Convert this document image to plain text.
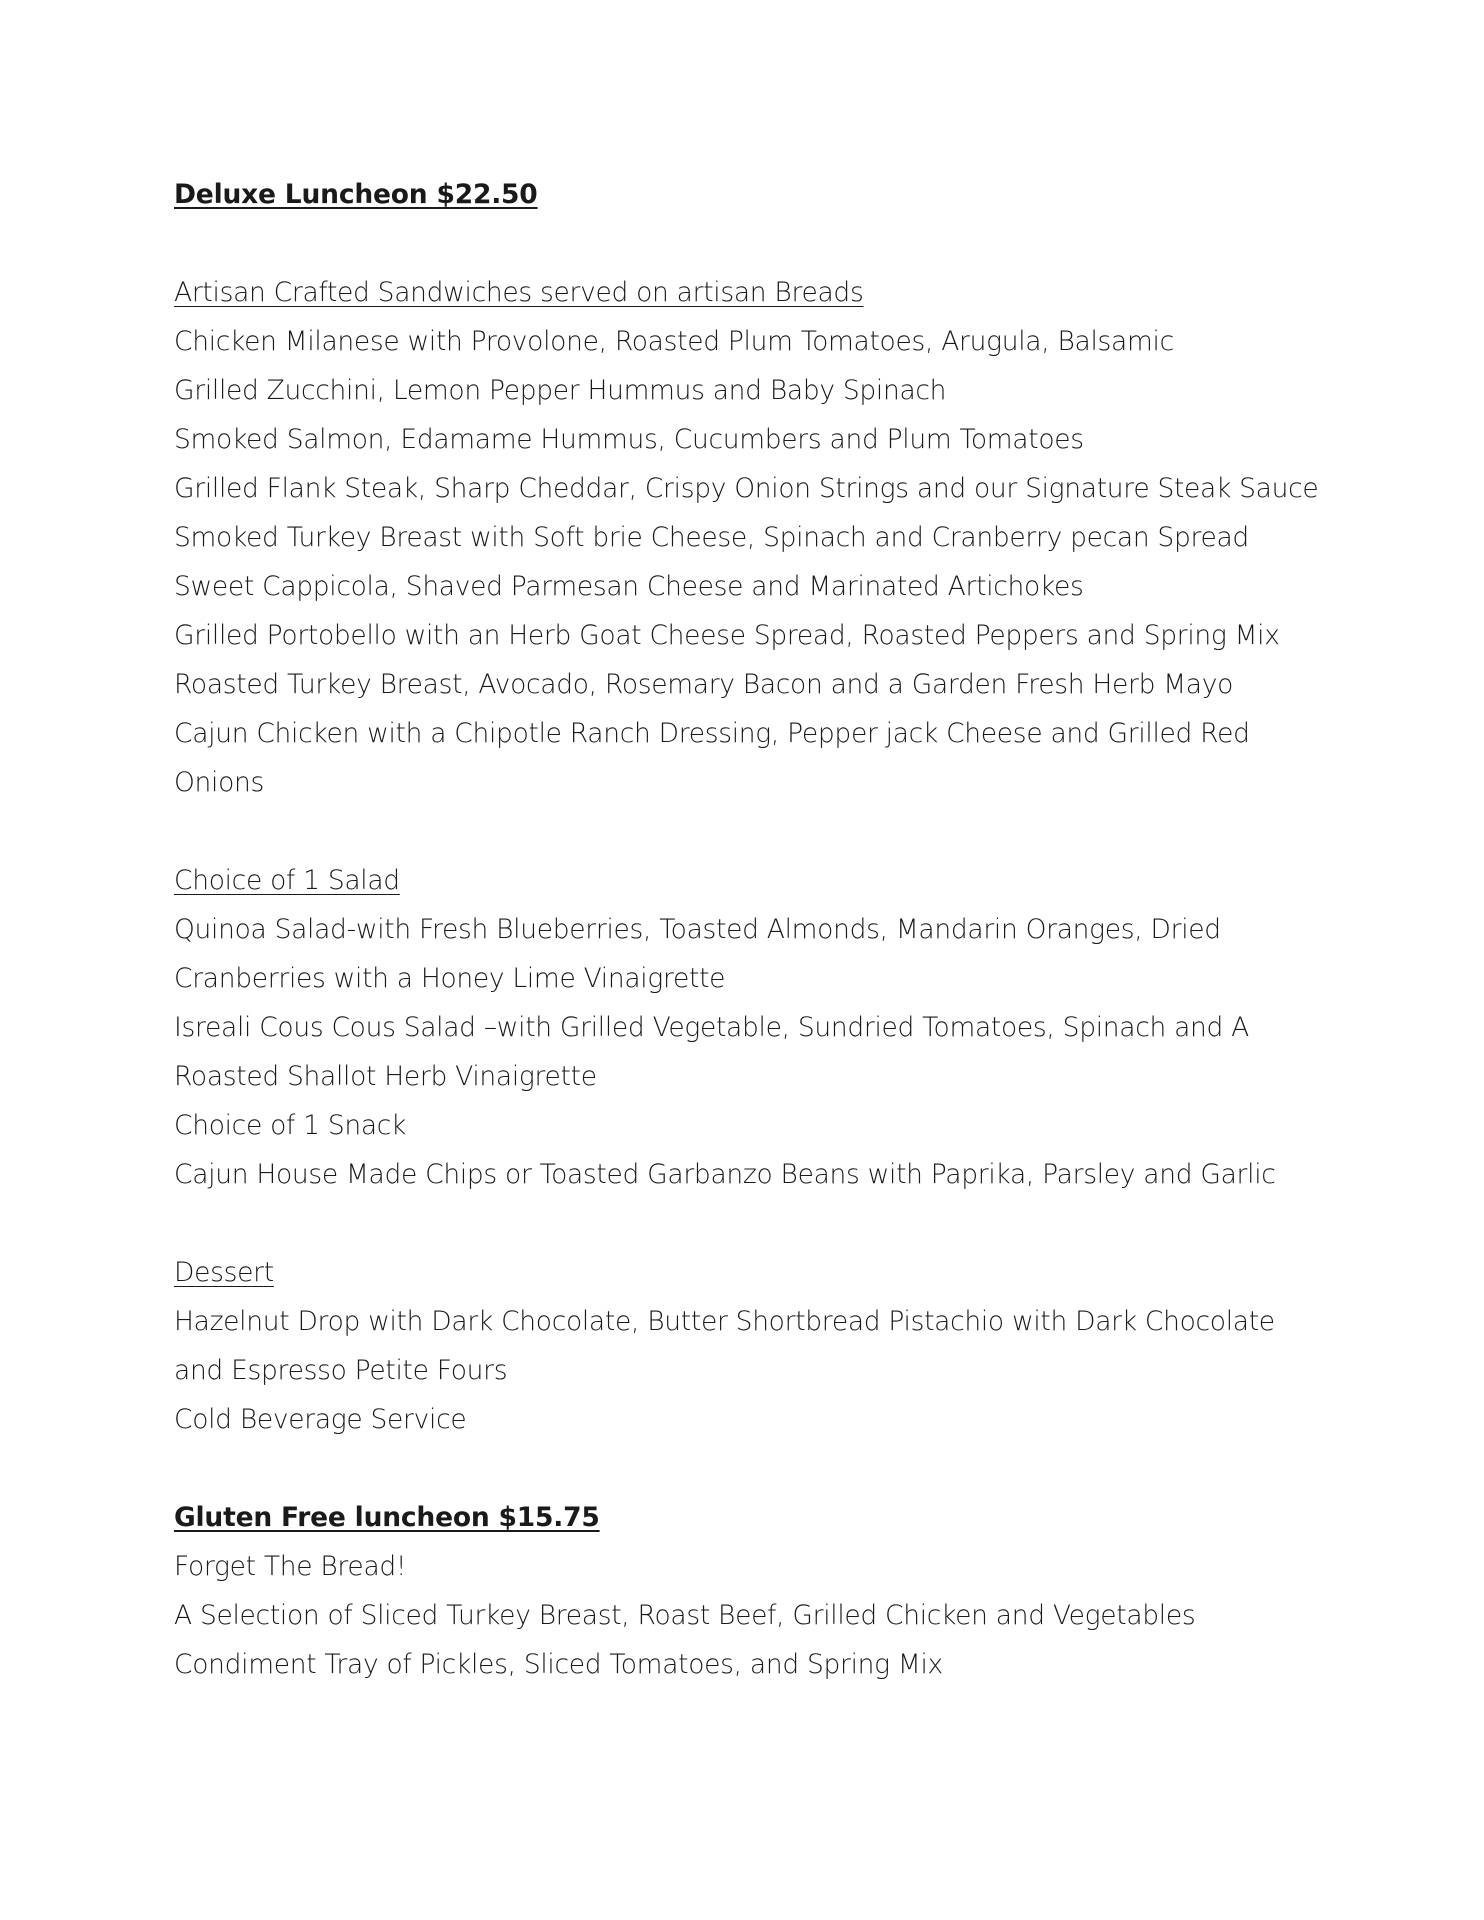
Deluxe Luncheon $22.50
Artisan Crafted Sandwiches served on artisan Breads
Chicken Milanese with Provolone, Roasted Plum Tomatoes, Arugula, Balsamic
Grilled Zucchini, Lemon Pepper Hummus and Baby Spinach
Smoked Salmon, Edamame Hummus, Cucumbers and Plum Tomatoes
Grilled Flank Steak, Sharp Cheddar, Crispy Onion Strings and our Signature Steak Sauce
Smoked Turkey Breast with Soft brie Cheese, Spinach and Cranberry pecan Spread
Sweet Cappicola, Shaved Parmesan Cheese and Marinated Artichokes
Grilled Portobello with an Herb Goat Cheese Spread, Roasted Peppers and Spring Mix
Roasted Turkey Breast, Avocado, Rosemary Bacon and a Garden Fresh Herb Mayo
Cajun Chicken with a Chipotle Ranch Dressing, Pepper jack Cheese and Grilled Red
Onions
Choice of 1 Salad
Quinoa Salad-with Fresh Blueberries, Toasted Almonds, Mandarin Oranges, Dried
Cranberries with a Honey Lime Vinaigrette
Isreali Cous Cous Salad –with Grilled Vegetable, Sundried Tomatoes, Spinach and A
Roasted Shallot Herb Vinaigrette
Choice of 1 Snack
Cajun House Made Chips or Toasted Garbanzo Beans with Paprika, Parsley and Garlic
Dessert
Hazelnut Drop with Dark Chocolate, Butter Shortbread Pistachio with Dark Chocolate
and Espresso Petite Fours
Cold Beverage Service
Gluten Free luncheon $15.75
Forget The Bread!
A Selection of Sliced Turkey Breast, Roast Beef, Grilled Chicken and Vegetables
Condiment Tray of Pickles, Sliced Tomatoes, and Spring Mix
